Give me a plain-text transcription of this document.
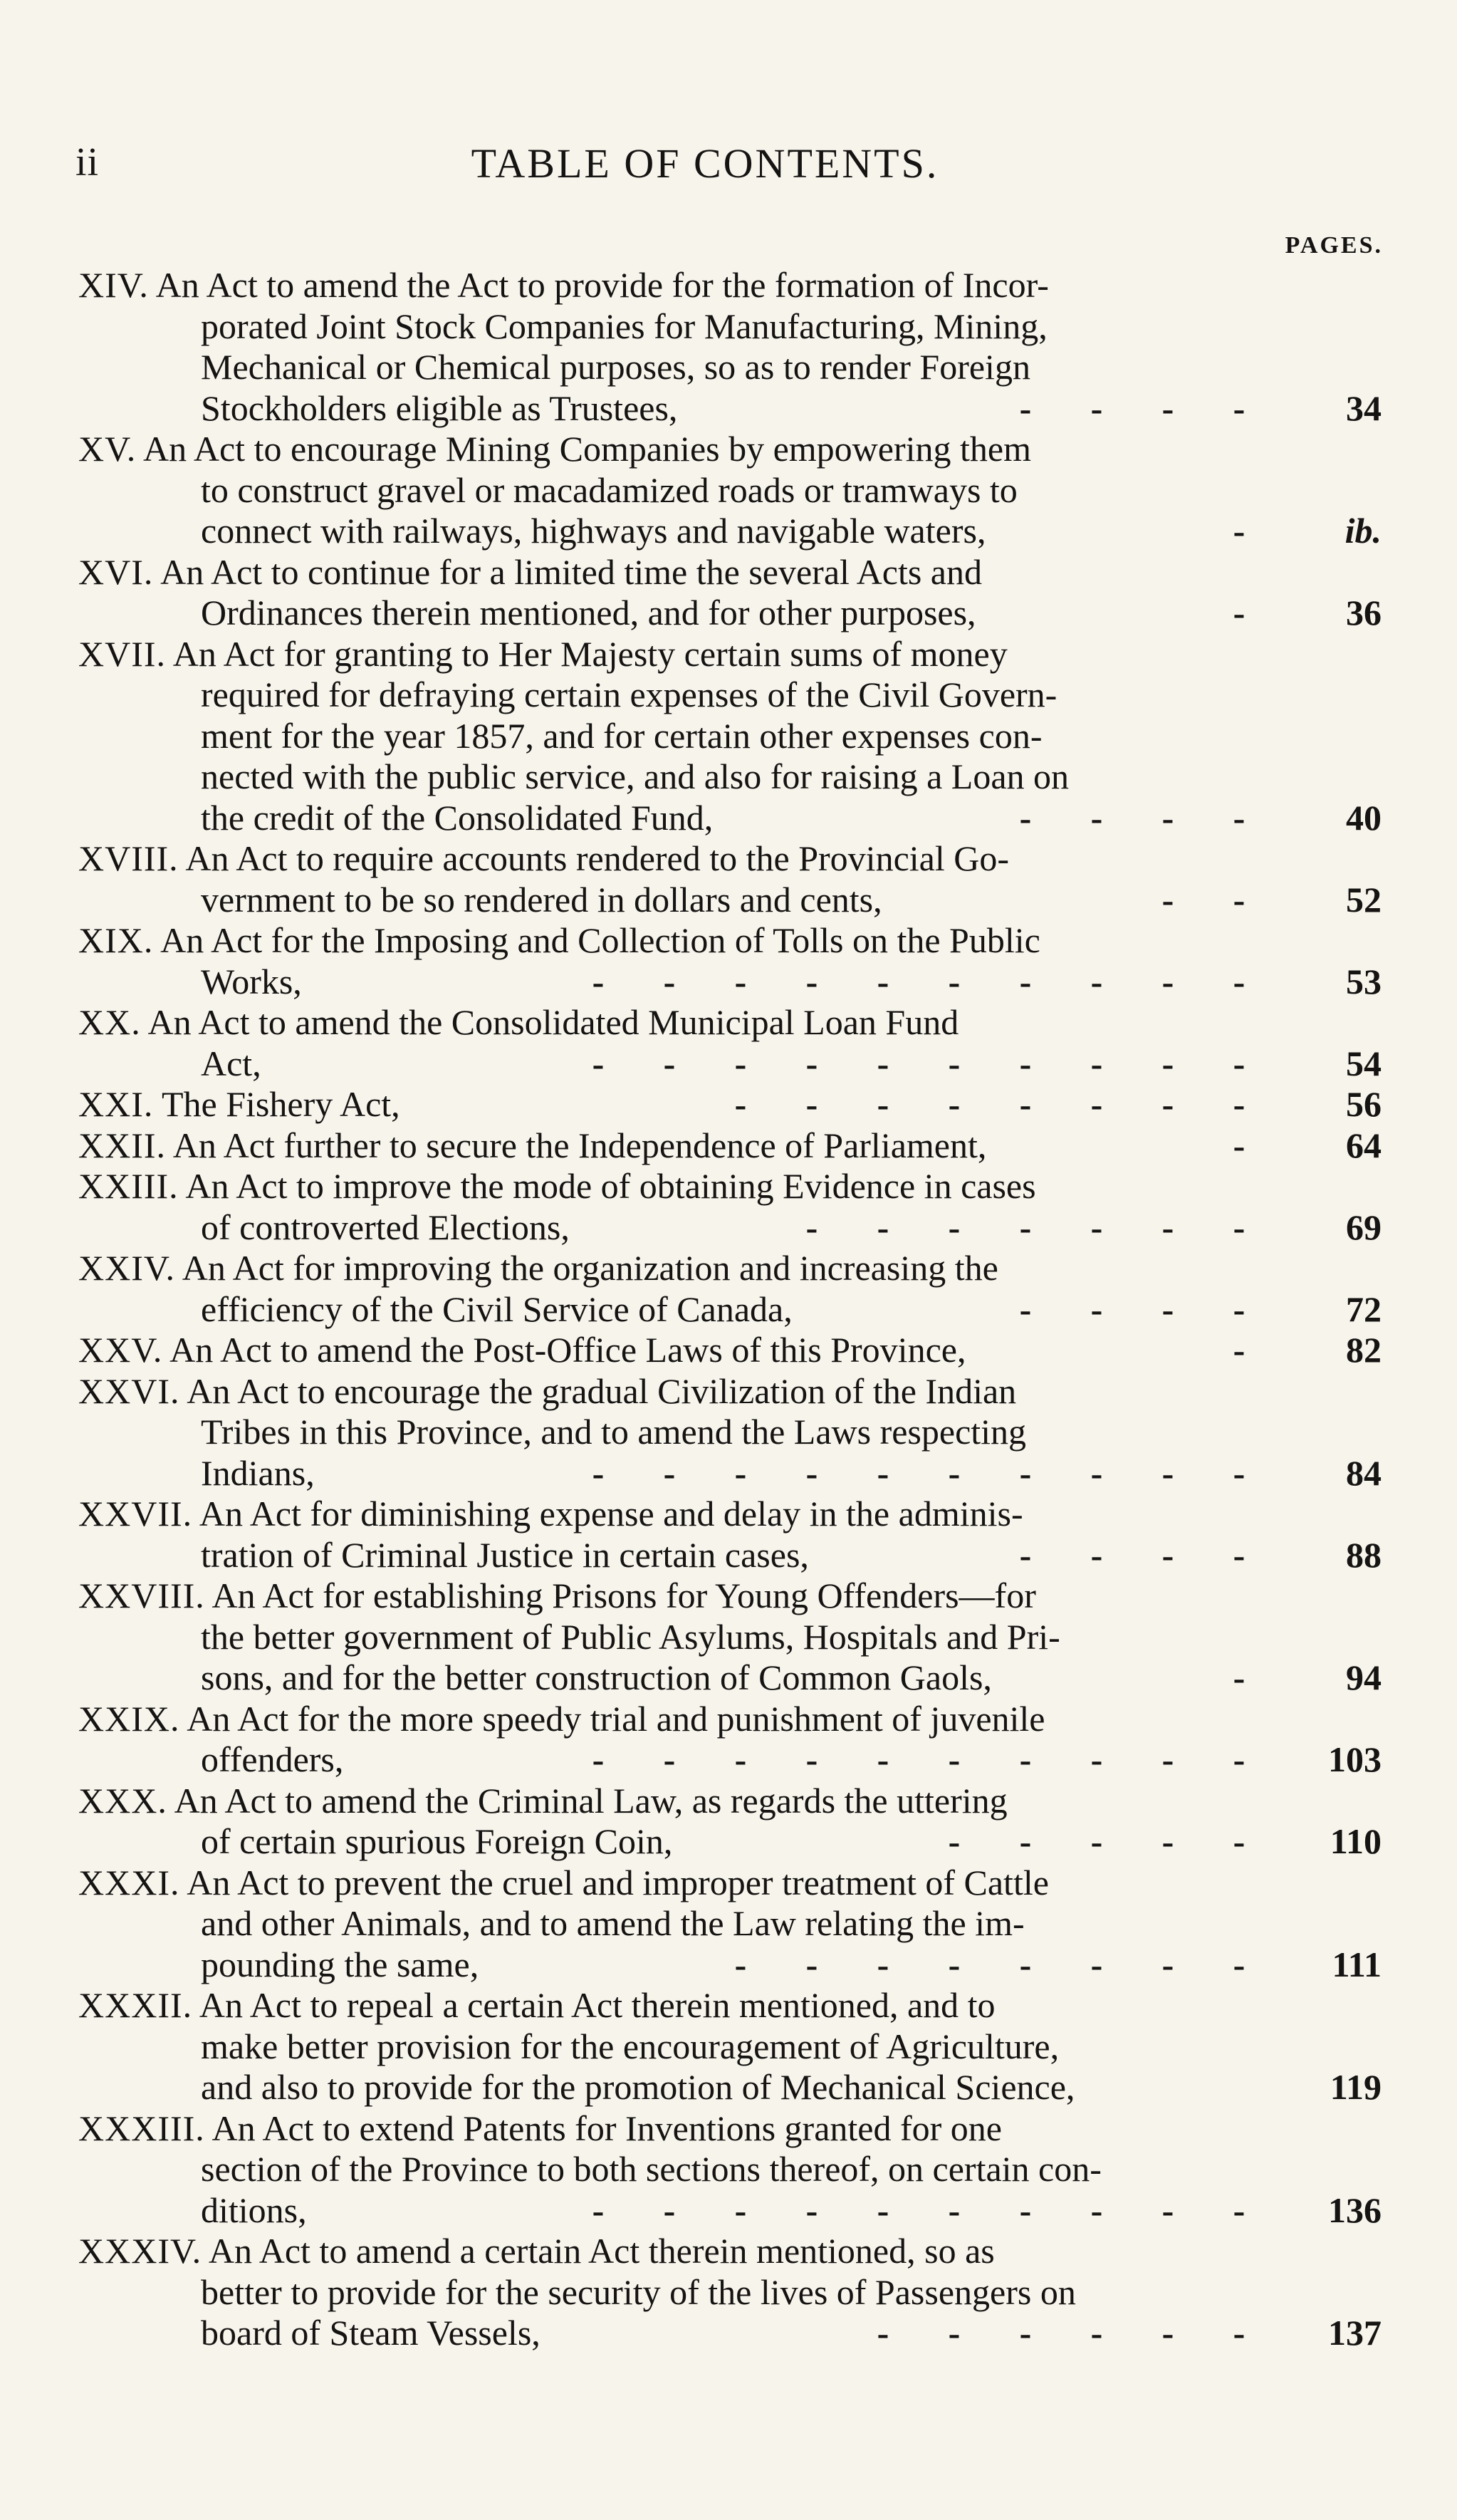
ii	TABLE OF CONTENTS.
PAGES.
XIV. An Act to amend the Act to provide for the formation of Incor-
porated Joint Stock Companies for Manufacturing, Mining,
Mechanical or Chemical purposes, so as to render Foreign
Stockholders eligible as Trustees,	- - - -	34
XV. An Act to encourage Mining Companies by empowering them
to construct gravel or macadamized roads or tramways to
connect with railways, highways and navigable waters,	-	ib.
XVI. An Act to continue for a limited time the several Acts and
Ordinances therein mentioned, and for other purposes,	-	36
XVII. An Act for granting to Her Majesty certain sums of money
required for defraying certain expenses of the Civil Govern-
ment for the year 1857, and for certain other expenses con-
nected with the public service, and also for raising a Loan on
the credit of the Consolidated Fund,	- - - -	40
XVIII. An Act to require accounts rendered to the Provincial Go-
vernment to be so rendered in dollars and cents,	- -	52
XIX. An Act for the Imposing and Collection of Tolls on the Public
Works,	- - - - - - - - - -	53
XX. An Act to amend the Consolidated Municipal Loan Fund
Act,	- - - - - - - - - -	54
XXI. The Fishery Act,	- - - - - - - -	56
XXII. An Act further to secure the Independence of Parliament,	-	64
XXIII. An Act to improve the mode of obtaining Evidence in cases
of controverted Elections,	- - - - - - -	69
XXIV. An Act for improving the organization and increasing the
efficiency of the Civil Service of Canada,	- - - -	72
XXV. An Act to amend the Post-Office Laws of this Province,	-	82
XXVI. An Act to encourage the gradual Civilization of the Indian
Tribes in this Province, and to amend the Laws respecting
Indians,	- - - - - - - - - -	84
XXVII. An Act for diminishing expense and delay in the adminis-
tration of Criminal Justice in certain cases,	- - - -	88
XXVIII. An Act for establishing Prisons for Young Offenders—for
the better government of Public Asylums, Hospitals and Pri-
sons, and for the better construction of Common Gaols,	-	94
XXIX. An Act for the more speedy trial and punishment of juvenile
offenders,	- - - - - - - - - -	103
XXX. An Act to amend the Criminal Law, as regards the uttering
of certain spurious Foreign Coin,	- - - - -	110
XXXI. An Act to prevent the cruel and improper treatment of Cattle
and other Animals, and to amend the Law relating the im-
pounding the same,	- - - - - - - -	111
XXXII. An Act to repeal a certain Act therein mentioned, and to
make better provision for the encouragement of Agriculture,
and also to provide for the promotion of Mechanical Science,	119
XXXIII. An Act to extend Patents for Inventions granted for one
section of the Province to both sections thereof, on certain con-
ditions,	- - - - - - - - - -	136
XXXIV. An Act to amend a certain Act therein mentioned, so as
better to provide for the security of the lives of Passengers on
board of Steam Vessels,	- - - - - -	137
